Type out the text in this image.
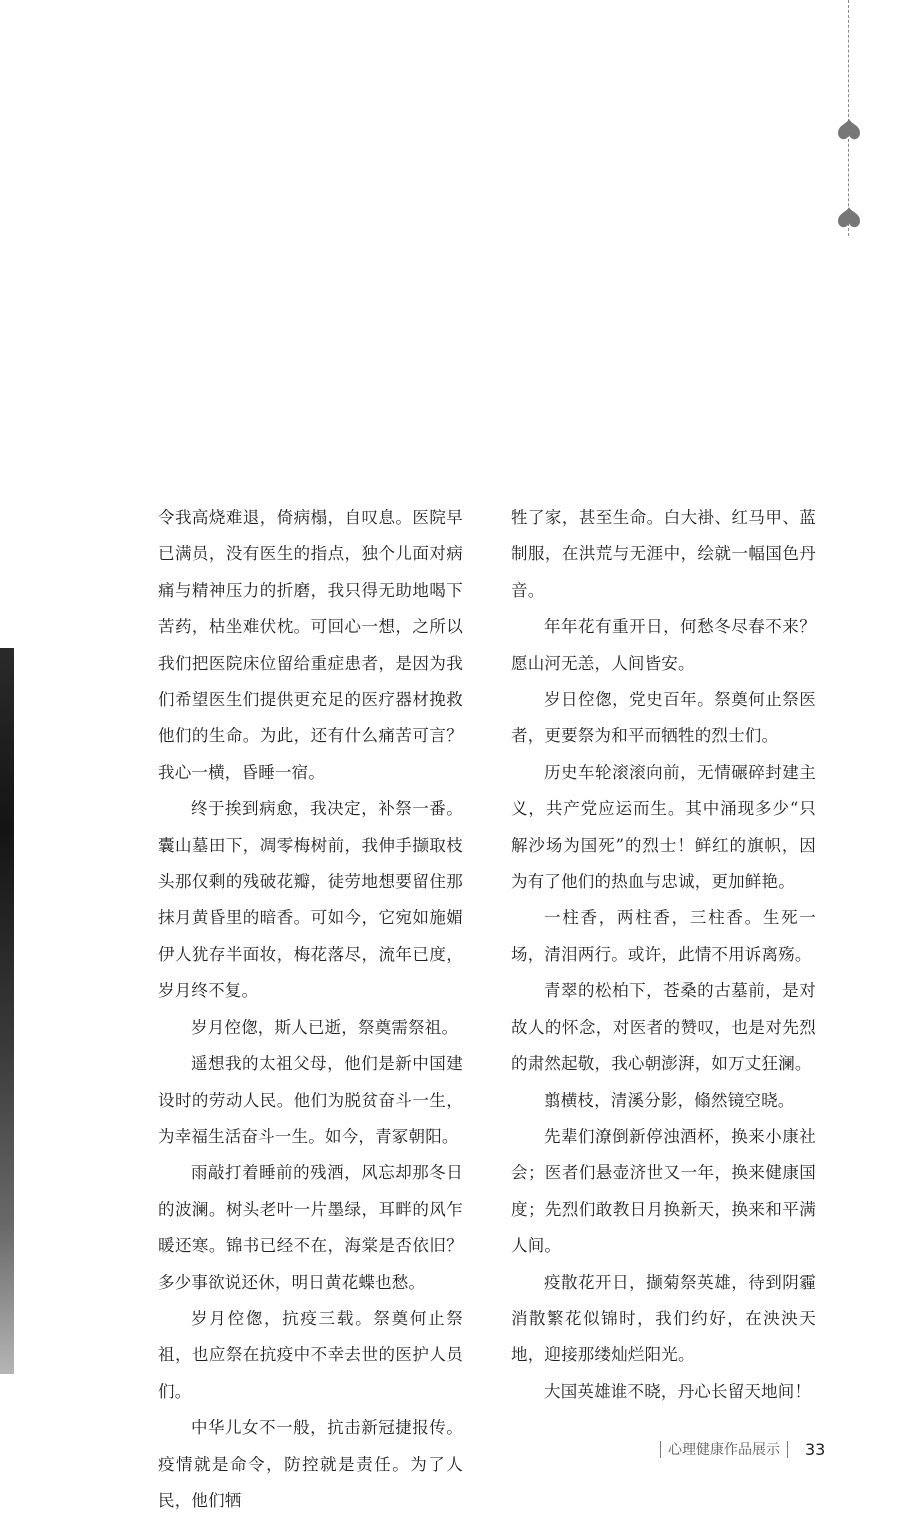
令我高烧难退，倚病榻，自叹息。医院早已满员，没有医生的指点，独个儿面对病痛与精神压力的折磨，我只得无助地喝下苦药，枯坐难伏枕。可回心一想，之所以我们把医院床位留给重症患者，是因为我们希望医生们提供更充足的医疗器材挽救他们的生命。为此，还有什么痛苦可言？我心一横，昏睡一宿。

终于挨到病愈，我决定，补祭一番。囊山墓田下，凋零梅树前，我伸手撷取枝头那仅剩的残破花瓣，徒劳地想要留住那抹月黄昏里的暗香。可如今，它宛如施媚伊人犹存半面妆，梅花落尽，流年已度，岁月终不复。

岁月倥偬，斯人已逝，祭奠需祭祖。

遥想我的太祖父母，他们是新中国建设时的劳动人民。他们为脱贫奋斗一生，为幸福生活奋斗一生。如今，青冢朝阳。

雨敲打着睡前的残酒，风忘却那冬日的波澜。树头老叶一片墨绿，耳畔的风乍暖还寒。锦书已经不在，海棠是否依旧？多少事欲说还休，明日黄花蝶也愁。

岁月倥偬，抗疫三载。祭奠何止祭祖，也应祭在抗疫中不幸去世的医护人员们。

中华儿女不一般，抗击新冠捷报传。疫情就是命令，防控就是责任。为了人民，他们牺

牲了家，甚至生命。白大褂、红马甲、蓝制服，在洪荒与无涯中，绘就一幅国色丹音。

年年花有重开日，何愁冬尽春不来？愿山河无恙，人间皆安。

岁日倥偬，党史百年。祭奠何止祭医者，更要祭为和平而牺牲的烈士们。

历史车轮滚滚向前，无情碾碎封建主义，共产党应运而生。其中涌现多少“只解沙场为国死”的烈士！鲜红的旗帜，因为有了他们的热血与忠诚，更加鲜艳。

一柱香，两柱香，三柱香。生死一场，清泪两行。或许，此情不用诉离殇。

青翠的松柏下，苍桑的古墓前，是对故人的怀念，对医者的赞叹，也是对先烈的肃然起敬，我心朝澎湃，如万丈狂澜。

翦横枝，清溪分影，翛然镜空晓。

先辈们潦倒新停浊酒杯，换来小康社会；医者们悬壶济世又一年，换来健康国度；先烈们敢教日月换新天，换来和平满人间。

疫散花开日，撷菊祭英雄，待到阴霾消散繁花似锦时，我们约好，在泱泱天地，迎接那缕灿烂阳光。

大国英雄谁不晓，丹心长留天地间！

心理健康作品展示 33
